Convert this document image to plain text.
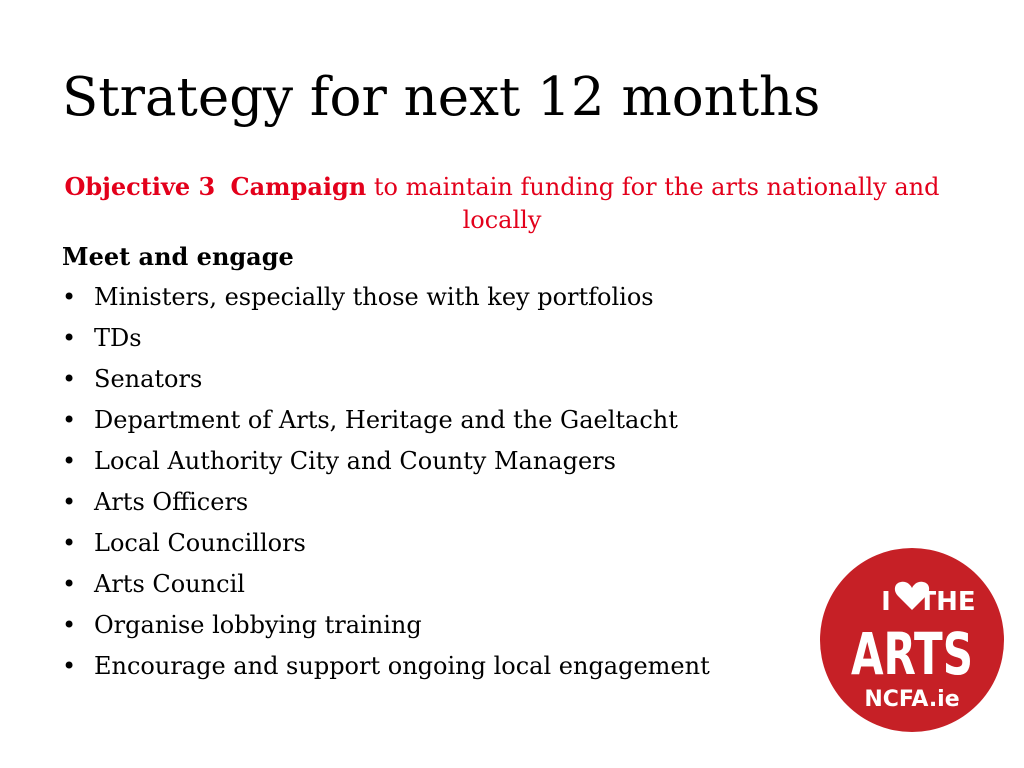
Strategy for next 12 months

Objective 3 Campaign to maintain funding for the arts nationally and locally

Meet and engage

• Ministers, especially those with key portfolios
• TDs
• Senators
• Department of Arts, Heritage and the Gaeltacht
• Local Authority City and County Managers
• Arts Officers
• Local Councillors
• Arts Council
• Organise lobbying training
• Encourage and support ongoing local engagement
I THE
ARTS
NCFA.ie
